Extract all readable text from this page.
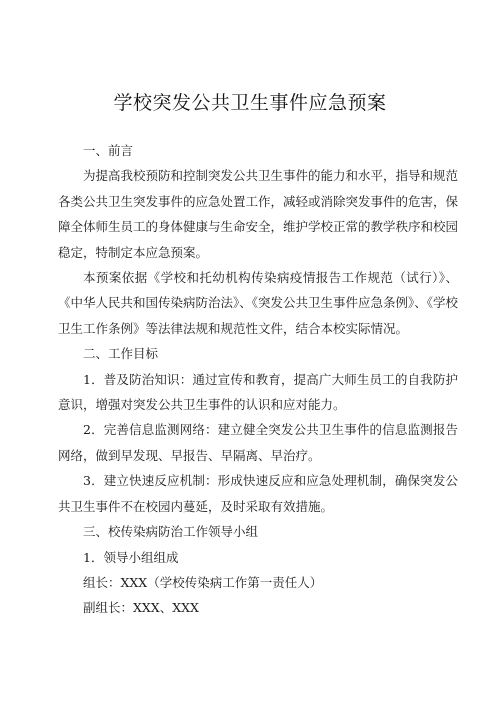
学校突发公共卫生事件应急预案

一、前言

为提高我校预防和控制突发公共卫生事件的能力和水平，指导和规范各类公共卫生突发事件的应急处置工作，减轻或消除突发事件的危害，保障全体师生员工的身体健康与生命安全，维护学校正常的教学秩序和校园稳定，特制定本应急预案。

本预案依据《学校和托幼机构传染病疫情报告工作规范（试行）》、《中华人民共和国传染病防治法》、《突发公共卫生事件应急条例》、《学校卫生工作条例》等法律法规和规范性文件，结合本校实际情况。

二、工作目标

1．普及防治知识：通过宣传和教育，提高广大师生员工的自我防护意识，增强对突发公共卫生事件的认识和应对能力。

2．完善信息监测网络：建立健全突发公共卫生事件的信息监测报告网络，做到早发现、早报告、早隔离、早治疗。

3．建立快速反应机制：形成快速反应和应急处理机制，确保突发公共卫生事件不在校园内蔓延，及时采取有效措施。

三、校传染病防治工作领导小组

1．领导小组组成

组长：XXX（学校传染病工作第一责任人）

副组长：XXX、XXX
